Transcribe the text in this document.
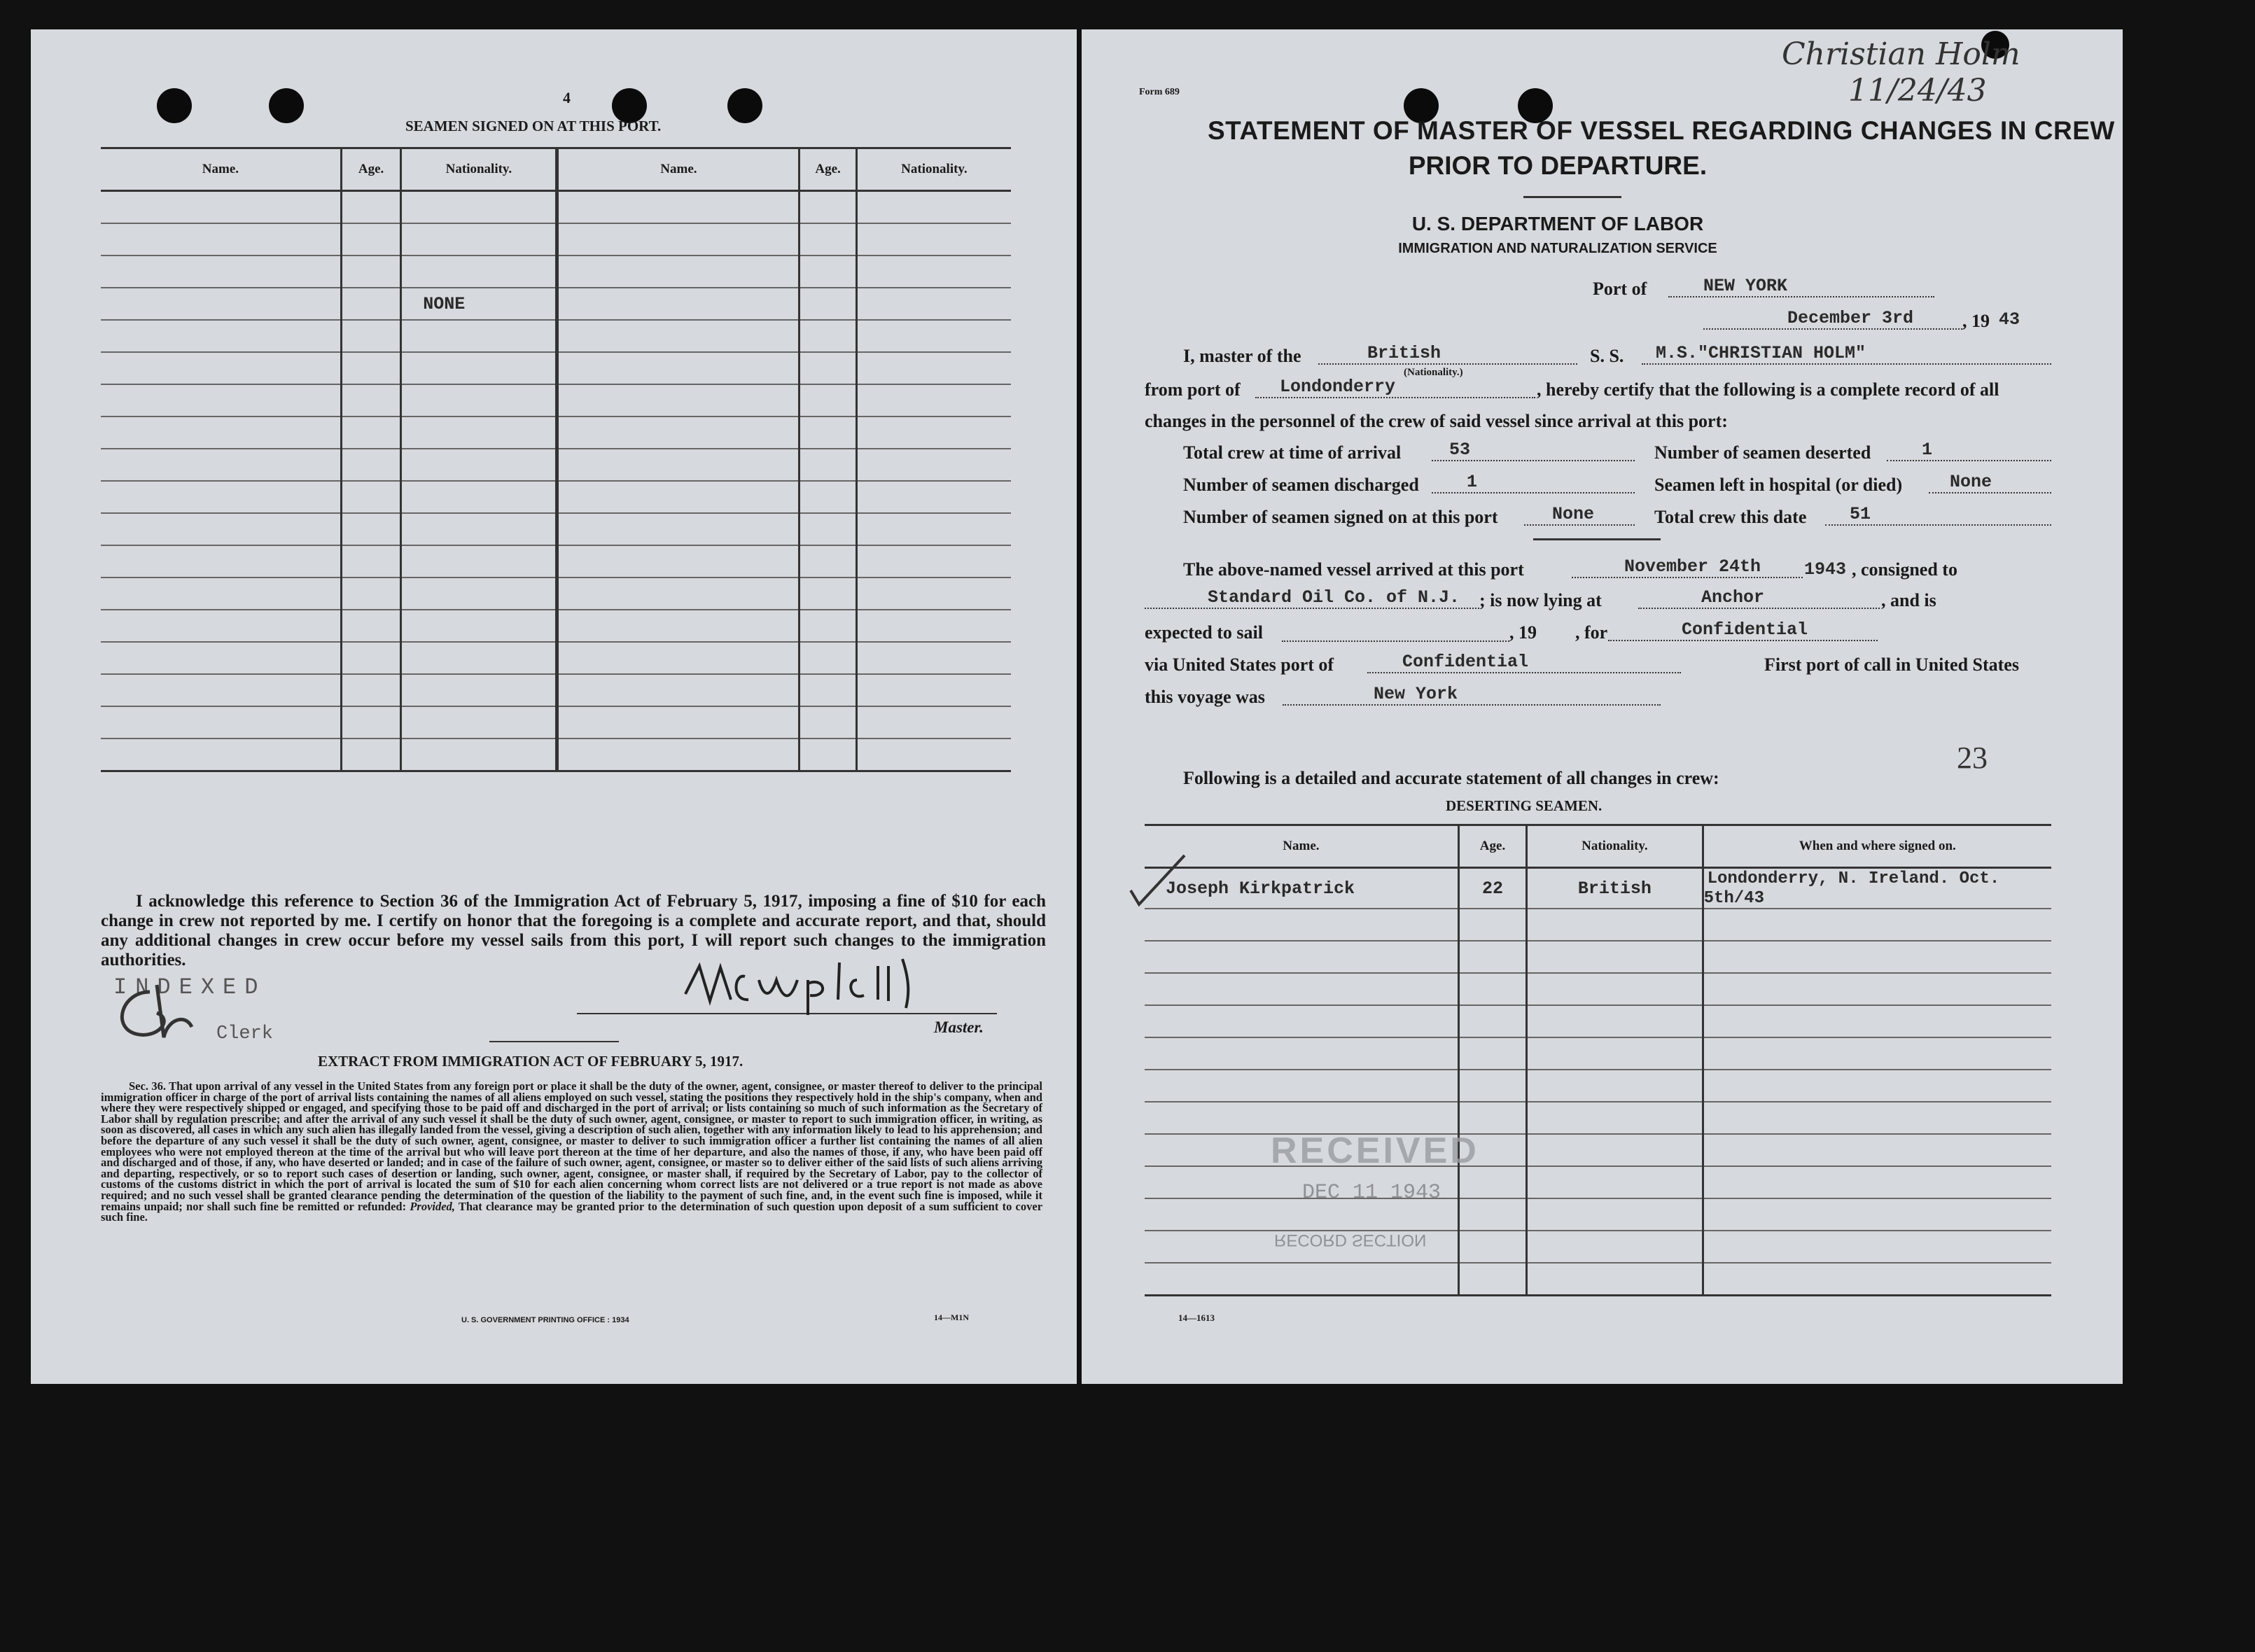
4
SEAMEN SIGNED ON AT THIS PORT.
Name.	Age.	Nationality.	Name.	Age.	Nationality.

		NONE			

I acknowledge this reference to Section 36 of the Immigration Act of February 5, 1917, imposing a fine of $10 for each change in crew not reported by me. I certify on honor that the foregoing is a complete and accurate report, and that, should any additional changes in crew occur before my vessel sails from this port, I will report such changes to the immigration authorities.

INDEXED
Clerk	Master.
EXTRACT FROM IMMIGRATION ACT OF FEBRUARY 5, 1917.

Sec. 36. That upon arrival of any vessel in the United States from any foreign port or place it shall be the duty of the owner, agent, consignee, or master thereof to deliver to the principal immigration officer in charge of the port of arrival lists containing the names of all aliens employed on such vessel, stating the positions they respectively hold in the ship's company, when and where they were respectively shipped or engaged, and specifying those to be paid off and discharged in the port of arrival; or lists containing so much of such information as the Secretary of Labor shall by regulation prescribe; and after the arrival of any such vessel it shall be the duty of such owner, agent, consignee, or master to report to such immigration officer, in writing, as soon as discovered, all cases in which any such alien has illegally landed from the vessel, giving a description of such alien, together with any information likely to lead to his apprehension; and before the departure of any such vessel it shall be the duty of such owner, agent, consignee, or master to deliver to such immigration officer a further list containing the names of all alien employees who were not employed thereon at the time of the arrival but who will leave port thereon at the time of her departure, and also the names of those, if any, who have been paid off and discharged and of those, if any, who have deserted or landed; and in case of the failure of such owner, agent, consignee, or master so to deliver either of the said lists of such aliens arriving and departing, respectively, or so to report such cases of desertion or landing, such owner, agent, consignee, or master shall, if required by the Secretary of Labor, pay to the collector of customs of the customs district in which the port of arrival is located the sum of $10 for each alien concerning whom correct lists are not delivered or a true report is not made as above required; and no such vessel shall be granted clearance pending the determination of the question of the liability to the payment of such fine, and, in the event such fine is imposed, while it remains unpaid; nor shall such fine be remitted or refunded: Provided, That clearance may be granted prior to the determination of such question upon deposit of a sum sufficient to cover such fine.

U. S. GOVERNMENT PRINTING OFFICE : 1934	14—M1N
Christian Holm
11/24/43
Form 689
STATEMENT OF MASTER OF VESSEL REGARDING CHANGES IN CREW
PRIOR TO DEPARTURE.
U. S. DEPARTMENT OF LABOR
IMMIGRATION AND NATURALIZATION SERVICE
Port of	NEW YORK
December 3rd	, 19 43
I, master of the	British
(Nationality.)
S. S.	M.S."CHRISTIAN HOLM"
from port of	Londonderry	, hereby certify that the following is a complete record of all
changes in the personnel of the crew of said vessel since arrival at this port:
Total crew at time of arrival	53	Number of seamen deserted	1
Number of seamen discharged	1	Seamen left in hospital (or died)	None
Number of seamen signed on at this port	None	Total crew this date	51
The above-named vessel arrived at this port	November 24th	1943 , consigned to
Standard Oil Co. of N.J.	; is now lying at	Anchor	, and is
expected to sail	, 19 , for	Confidential
via United States port of	Confidential	First port of call in United States
this voyage was	New York
23
Following is a detailed and accurate statement of all changes in crew:
DESERTING SEAMEN.
Name.	Age.	Nationality.	When and where signed on.
Joseph Kirkpatrick	22	British	Londonderry, N. Ireland. Oct. 5th/43

RECEIVED
DEC 11 1943
RECORD SECTION
14—1613
